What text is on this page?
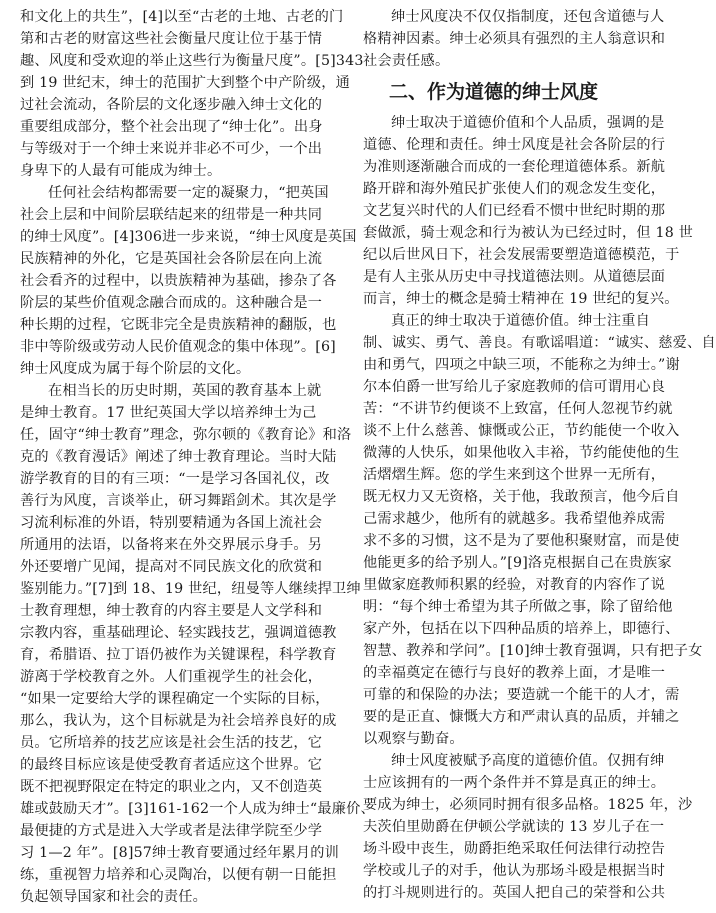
和文化上的共生”，[4]以至“古老的土地、古老的门
第和古老的财富这些社会衡量尺度让位于基于情
趣、风度和受欢迎的举止这些行为衡量尺度”。[5]343
到 19 世纪末，绅士的范围扩大到整个中产阶级，通
过社会流动，各阶层的文化逐步融入绅士文化的
重要组成部分，整个社会出现了“绅士化”。出身
与等级对于一个绅士来说并非必不可少，一个出
身卑下的人最有可能成为绅士。
任何社会结构都需要一定的凝聚力，“把英国
社会上层和中间阶层联结起来的纽带是一种共同
的绅士风度”。[4]306进一步来说，“绅士风度是英国
民族精神的外化，它是英国社会各阶层在向上流
社会看齐的过程中，以贵族精神为基础，掺杂了各
阶层的某些价值观念融合而成的。这种融合是一
种长期的过程，它既非完全是贵族精神的翻版，也
非中等阶级或劳动人民价值观念的集中体现”。[6]
绅士风度成为属于每个阶层的文化。
在相当长的历史时期，英国的教育基本上就
是绅士教育。17 世纪英国大学以培养绅士为己
任，固守“绅士教育”理念，弥尔顿的《教育论》和洛
克的《教育漫话》阐述了绅士教育理论。当时大陆
游学教育的目的有三项：“一是学习各国礼仪，改
善行为风度，言谈举止，研习舞蹈剑术。其次是学
习流利标准的外语，特别要精通为各国上流社会
所通用的法语，以备将来在外交界展示身手。另
外还要增广见闻，提高对不同民族文化的欣赏和
鉴别能力。”[7]到 18、19 世纪，纽曼等人继续捍卫绅
士教育理想，绅士教育的内容主要是人文学科和
宗教内容，重基础理论、轻实践技艺，强调道德教
育，希腊语、拉丁语仍被作为关键课程，科学教育
游离于学校教育之外。人们重视学生的社会化，
“如果一定要给大学的课程确定一个实际的目标，
那么，我认为，这个目标就是为社会培养良好的成
员。它所培养的技艺应该是社会生活的技艺，它
的最终目标应该是使受教育者适应这个世界。它
既不把视野限定在特定的职业之内，又不创造英
雄或鼓励天才”。[3]161-162一个人成为绅士“最廉价、
最便捷的方式是进入大学或者是法律学院至少学
习 1—2 年”。[8]57绅士教育要通过经年累月的训
练，重视智力培养和心灵陶冶，以便有朝一日能担
负起领导国家和社会的责任。
绅士风度决不仅仅指制度，还包含道德与人
格精神因素。绅士必须具有强烈的主人翁意识和
社会责任感。
二、作为道德的绅士风度
绅士取决于道德价值和个人品质，强调的是
道德、伦理和责任。绅士风度是社会各阶层的行
为准则逐渐融合而成的一套伦理道德体系。新航
路开辟和海外殖民扩张使人们的观念发生变化，
文艺复兴时代的人们已经看不惯中世纪时期的那
套做派，骑士观念和行为被认为已经过时，但 18 世
纪以后世风日下，社会发展需要塑造道德模范，于
是有人主张从历史中寻找道德法则。从道德层面
而言，绅士的概念是骑士精神在 19 世纪的复兴。
真正的绅士取决于道德价值。绅士注重自
制、诚实、勇气、善良。有歌谣唱道：“诚实、慈爱、自
由和勇气，四项之中缺三项，不能称之为绅士。”谢
尔本伯爵一世写给儿子家庭教师的信可谓用心良
苦：“不讲节约便谈不上致富，任何人忽视节约就
谈不上什么慈善、慷慨或公正，节约能使一个收入
微薄的人快乐，如果他收入丰裕，节约能使他的生
活熠熠生辉。您的学生来到这个世界一无所有，
既无权力又无资格，关于他，我敢预言，他今后自
己需求越少，他所有的就越多。我希望他养成需
求不多的习惯，这不是为了要他积聚财富，而是使
他能更多的给予别人。”[9]洛克根据自己在贵族家
里做家庭教师积累的经验，对教育的内容作了说
明：“每个绅士希望为其子所做之事，除了留给他
家产外，包括在以下四种品质的培养上，即德行、
智慧、教养和学问”。[10]绅士教育强调，只有把子女
的幸福奠定在德行与良好的教养上面，才是唯一
可靠的和保险的办法；要造就一个能干的人才，需
要的是正直、慷慨大方和严肃认真的品质，并辅之
以观察与勤奋。
绅士风度被赋予高度的道德价值。仅拥有绅
士应该拥有的一两个条件并不算是真正的绅士。
要成为绅士，必须同时拥有很多品格。1825 年，沙
夫茨伯里勋爵在伊顿公学就读的 13 岁儿子在一
场斗殴中丧生，勋爵拒绝采取任何法律行动控告
学校或儿子的对手，他认为那场斗殴是根据当时
的打斗规则进行的。英国人把自己的荣誉和公共
